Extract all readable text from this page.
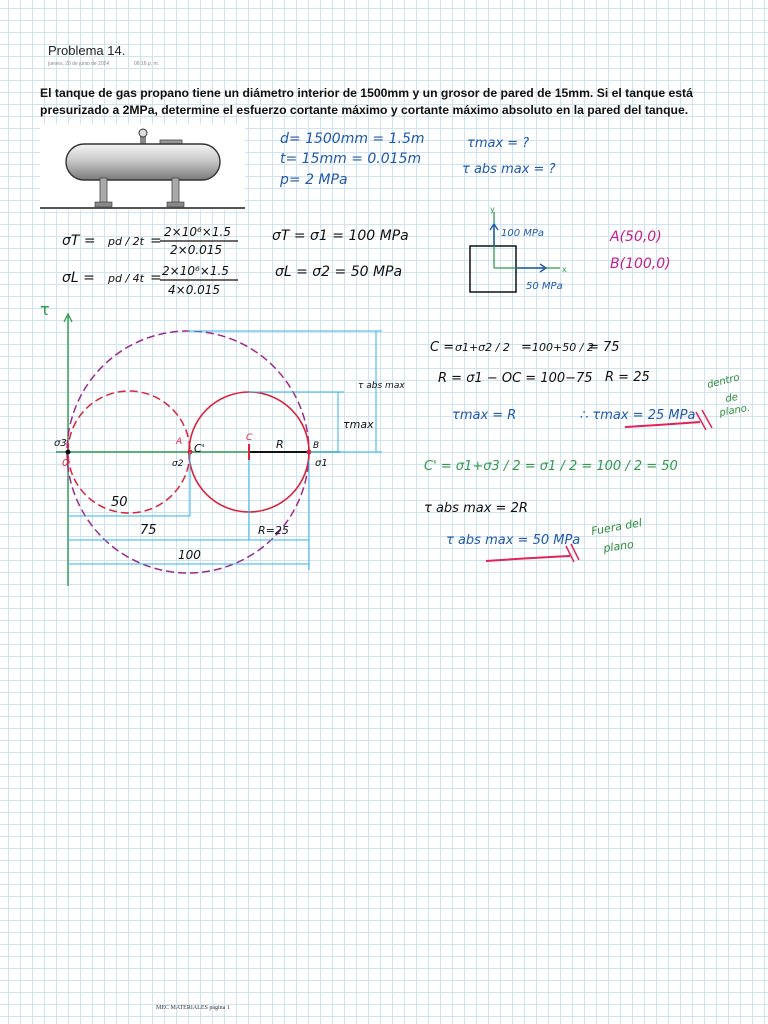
Problema 14.
jueves, 20 de junio de 2024	06:16 p. m.
El tanque de gas propano tiene un diámetro interior de 1500mm y un grosor de pared de 15mm. Si el tanque está presurizado a 2MPa, determine el esfuerzo cortante máximo y cortante máximo absoluto en la pared del tanque.
d= 1500mm = 1.5m
t= 15mm = 0.015m
p= 2 MPa
τmax = ?
τ abs max = ?
σT = pd / 2t =
2×10⁶×1.5
2×0.015
σL = pd / 4t = 2×10⁶×1.5
4×0.015
σT = σ1 = 100 MPa
σL = σ2 = 50 MPa
y
x
100 MPa
50 MPa
A(50,0)
B(100,0)
C = σ1+σ2 / 2 = 100+50 / 2
= 75
R = σ1 − OC = 100−75 R = 25
τmax = R	∴ τmax = 25 MPa
dentro
de
plano.
C' = σ1+σ3 / 2 = σ1 / 2 = 100 / 2 = 50
τ abs max = 2R
τ abs max = 50 MPa
Fuera del
plano
τ
σ3
0
A
σ2
C'
C R	B
σ1
50
75
100
R=25
τmax
τ abs max
MEC MATERIALES página 1
